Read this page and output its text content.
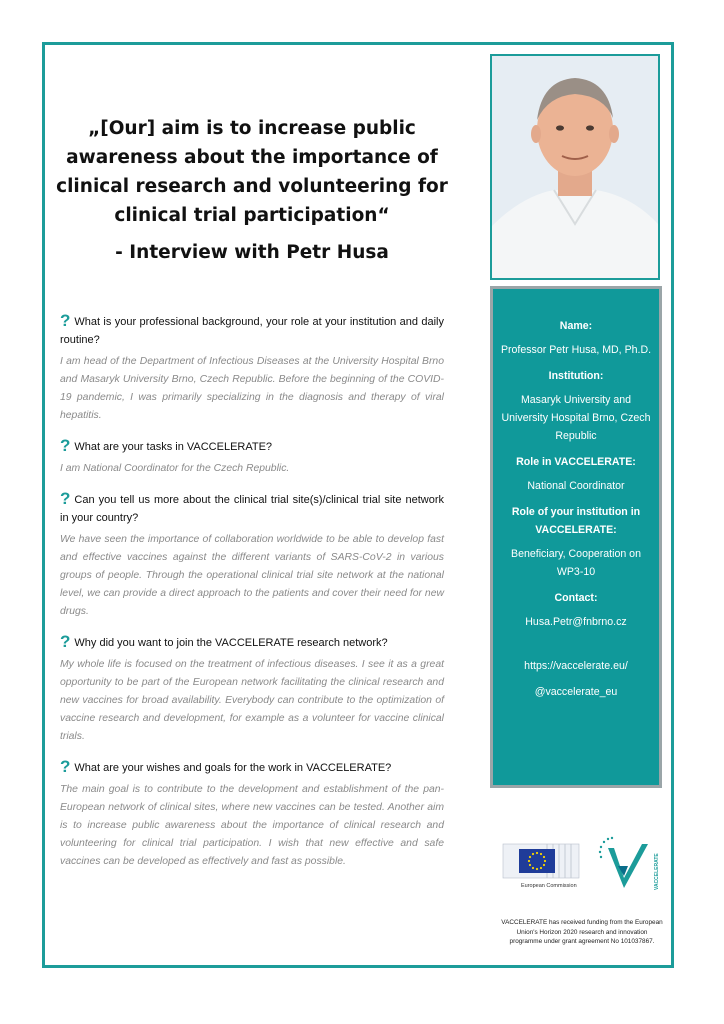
„[Our] aim is to increase public awareness about the importance of clinical research and volunteering for clinical trial participation“
- Interview with Petr Husa

? What is your professional background, your role at your institution and daily routine?

I am head of the Department of Infectious Diseases at the University Hospital Brno and Masaryk University Brno, Czech Republic. Before the beginning of the COVID-19 pandemic, I was primarily specializing in the diagnosis and therapy of viral hepatitis.

? What are your tasks in VACCELERATE?

I am National Coordinator for the Czech Republic.

? Can you tell us more about the clinical trial site(s)/clinical trial site network in your country?

We have seen the importance of collaboration worldwide to be able to develop fast and effective vaccines against the different variants of SARS-CoV-2 in various groups of people. Through the operational clinical trial site network at the national level, we can provide a direct approach to the patients and cover their need for new drugs.

? Why did you want to join the VACCELERATE research network?

My whole life is focused on the treatment of infectious diseases. I see it as a great opportunity to be part of the European network facilitating the clinical research and new vaccines for broad availability. Everybody can contribute to the optimization of vaccine research and development, for example as a volunteer for vaccine clinical trials.

? What are your wishes and goals for the work in VACCELERATE?

The main goal is to contribute to the development and establishment of the pan-European network of clinical sites, where new vaccines can be tested. Another aim is to increase public awareness about the importance of clinical research and volunteering for clinical trial participation. I wish that new effective and safe vaccines can be developed as effectively and fast as possible.

Name:
Professor Petr Husa, MD, Ph.D.
Institution:
Masaryk University and University Hospital Brno, Czech Republic
Role in VACCELERATE:
National Coordinator
Role of your institution in VACCELERATE:
Beneficiary, Cooperation on WP3-10
Contact:
Husa.Petr@fnbrno.cz
https://vaccelerate.eu/
@vaccelerate_eu
European Commission	VACCELERATE
VACCELERATE has received funding from the European Union's Horizon 2020 research and innovation programme under grant agreement No 101037867.
